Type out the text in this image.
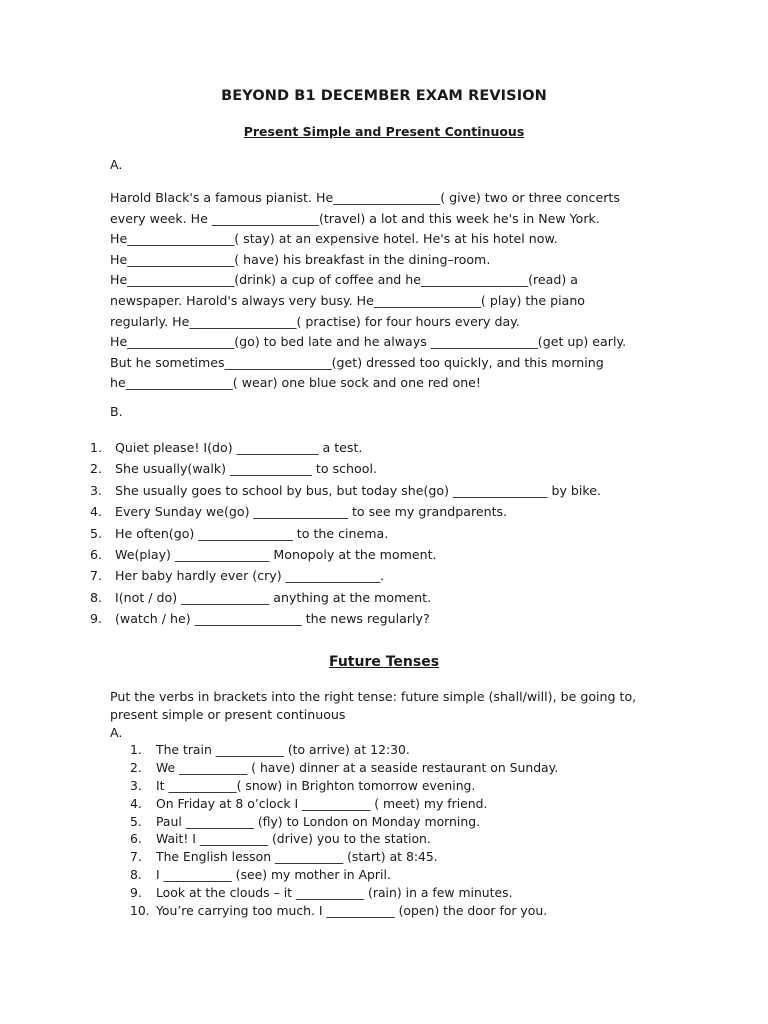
BEYOND B1 DECEMBER EXAM REVISION
Present Simple and Present Continuous
A.
Harold Black's a famous pianist. He_________________( give) two or three concerts
every week. He _________________(travel) a lot and this week he's in New York.
He_________________( stay) at an expensive hotel. He's at his hotel now.
He_________________( have) his breakfast in the dining–room.
He_________________(drink) a cup of coffee and he_________________(read) a
newspaper. Harold's always very busy. He_________________( play) the piano
regularly. He_________________( practise) for four hours every day.
He_________________(go) to bed late and he always _________________(get up) early.
But he sometimes_________________(get) dressed too quickly, and this morning
he_________________( wear) one blue sock and one red one!
B.
1. Quiet please! I(do) _____________ a test.
2. She usually(walk) _____________ to school.
3. She usually goes to school by bus, but today she(go) _______________ by bike.
4. Every Sunday we(go) _______________ to see my grandparents.
5. He often(go) _______________ to the cinema.
6. We(play) _______________ Monopoly at the moment.
7. Her baby hardly ever (cry) _______________.
8. I(not / do) ______________ anything at the moment.
9. (watch / he) _________________ the news regularly?
Future Tenses
Put the verbs in brackets into the right tense: future simple (shall/will), be going to,
present simple or present continuous
A.
1. The train ___________ (to arrive) at 12:30.
2. We ___________ ( have) dinner at a seaside restaurant on Sunday.
3. It ___________( snow) in Brighton tomorrow evening.
4. On Friday at 8 o’clock I ___________ ( meet) my friend.
5. Paul ___________ (fly) to London on Monday morning.
6. Wait! I ___________ (drive) you to the station.
7. The English lesson ___________ (start) at 8:45.
8. I ___________ (see) my mother in April.
9. Look at the clouds – it ___________ (rain) in a few minutes.
10. You’re carrying too much. I ___________ (open) the door for you.
